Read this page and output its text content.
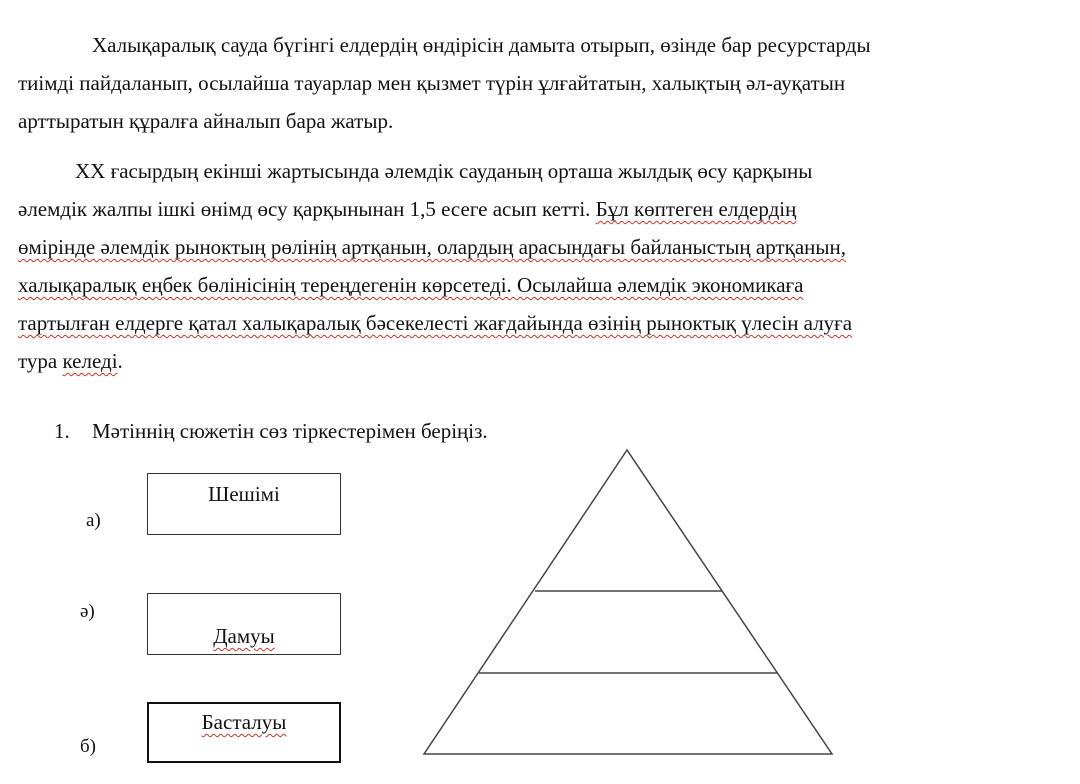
Халықаралық сауда бүгінгі елдердің өндірісін дамыта отырып, өзінде бар ресурстарды
тиімді пайдаланып, осылайша тауарлар мен қызмет түрін ұлғайтатын, халықтың әл-ауқатын
арттыратын құралға айналып бара жатыр.
ХХ ғасырдың екінші жартысында әлемдік сауданың орташа жылдық өсу қарқыны
әлемдік жалпы ішкі өнімд өсу қарқынынан 1,5 есеге асып кетті. Бұл көптеген елдердің
өмірінде әлемдік рыноктың рөлінің артқанын, олардың арасындағы байланыстың артқанын,
халықаралық еңбек бөлінісінің тереңдегенін көрсетеді. Осылайша әлемдік экономикаға
тартылған елдерге қатал халықаралық бәсекелесті жағдайында өзінің рыноктық үлесін алуға
тура келеді.
1. Мәтіннің сюжетін сөз тіркестерімен беріңіз.
а)
Шешімі
ә)
Дамуы
б)
Басталуы
